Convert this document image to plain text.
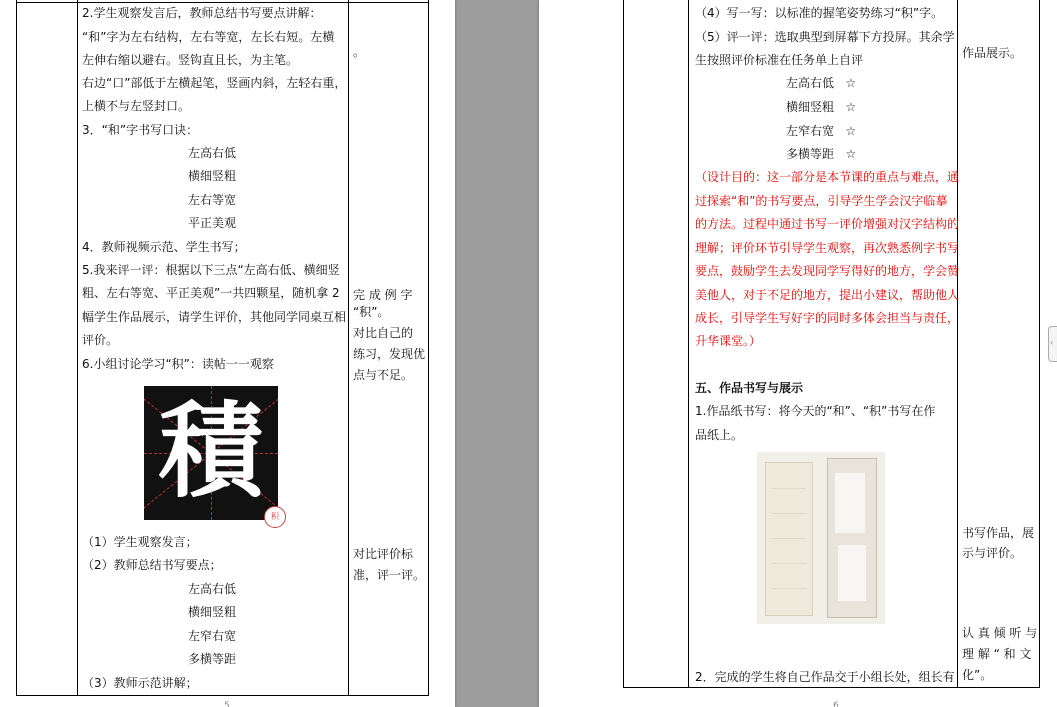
2.学生观察发言后，教师总结书写要点讲解：
“和”字为左右结构，左右等宽，左长右短。左横
左伸右缩以避右。竖钩直且长，为主笔。
右边“口”部低于左横起笔，竖画内斜，左轻右重，
上横不与左竖封口。
3．“和”字书写口诀：
左高右低
横细竖粗
左右等宽
平正美观
4．教师视频示范、学生书写；
5.我来评一评：根据以下三点“左高右低、横细竖
粗、左右等宽、平正美观”一共四颗星，随机拿 2
幅学生作品展示，请学生评价，其他同学同桌互相
评价。
6.小组讨论学习“积”：读帖一一观察
積
积
（1）学生观察发言；
（2）教师总结书写要点；
左高右低
横细竖粗
左窄右宽
多横等距
（3）教师示范讲解；
。
完 成 例 字
“积”。
对比自己的
练习，发现优
点与不足。
对比评价标
准，评一评。
5
（4）写一写：以标准的握笔姿势练习“积”字。
（5）评一评：选取典型到屏幕下方投屏。其余学
生按照评价标准在任务单上自评
左高右低 ☆
横细竖粗 ☆
左窄右宽 ☆
多横等距 ☆
（设计目的：这一部分是本节课的重点与难点，通
过探索“和”的书写要点，引导学生学会汉字临摹
的方法。过程中通过书写一评价增强对汉字结构的
理解；评价环节引导学生观察，再次熟悉例字书写
要点，鼓励学生去发现同学写得好的地方，学会赞
美他人，对于不足的地方，提出小建议，帮助他人
成长，引导学生写好字的同时多体会担当与责任，
升华课堂。）
五、作品书写与展示
1.作品纸书写：将今天的“和”、“积”书写在作
品纸上。
2．完成的学生将自己作品交于小组长处，组长有
作品展示。
书写作品，展
示与评价。
认 真 倾 听 与
理 解 “ 和 文
化”。
‹
6
